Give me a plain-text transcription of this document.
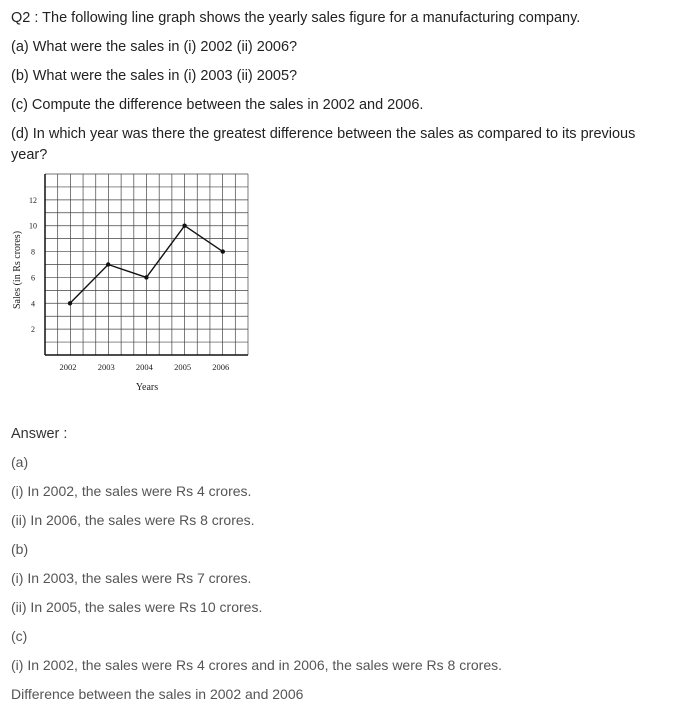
Q2 : The following line graph shows the yearly sales figure for a manufacturing company.
(a) What were the sales in (i) 2002 (ii) 2006?
(b) What were the sales in (i) 2003 (ii) 2005?
(c) Compute the difference between the sales in 2002 and 2006.
(d) In which year was there the greatest difference between the sales as compared to its previous
year?
2
4
6
8
10
12
2002 2003 2004 2005 2006
Sales (in Rs crores)
Years
Answer :
(a)
(i) In 2002, the sales were Rs 4 crores.
(ii) In 2006, the sales were Rs 8 crores.
(b)
(i) In 2003, the sales were Rs 7 crores.
(ii) In 2005, the sales were Rs 10 crores.
(c)
(i) In 2002, the sales were Rs 4 crores and in 2006, the sales were Rs 8 crores.
Difference between the sales in 2002 and 2006
